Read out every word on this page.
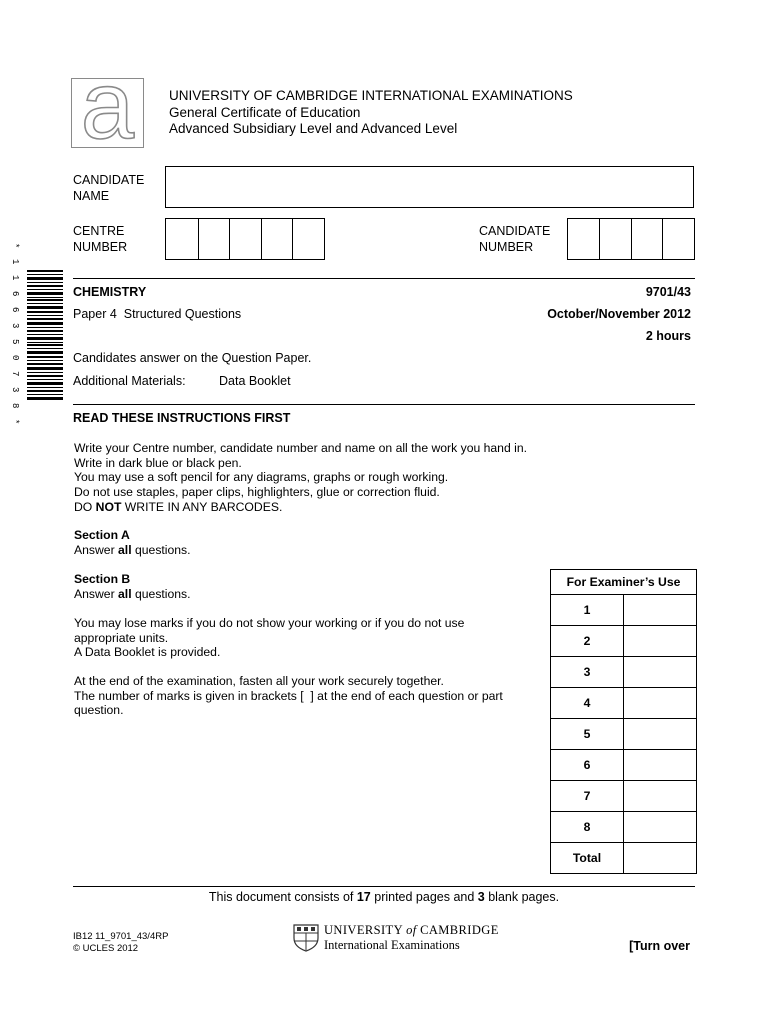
a	UNIVERSITY OF CAMBRIDGE INTERNATIONAL EXAMINATIONS
General Certificate of Education
Advanced Subsidiary Level and Advanced Level
CANDIDATE
NAME
CENTRE
NUMBER
CANDIDATE
NUMBER
* 1 1 6 6 3 5 0 7 3 8 *	CHEMISTRY	9701/43
Paper 4  Structured Questions	October/November 2012
2 hours
Candidates answer on the Question Paper.
Additional Materials:	Data Booklet
READ THESE INSTRUCTIONS FIRST
Write your Centre number, candidate number and name on all the work you hand in.
Write in dark blue or black pen.
You may use a soft pencil for any diagrams, graphs or rough working.
Do not use staples, paper clips, highlighters, glue or correction fluid.
DO NOT WRITE IN ANY BARCODES.
Section A
Answer all questions.
Section B
Answer all questions.
You may lose marks if you do not show your working or if you do not use
appropriate units.
A Data Booklet is provided.
At the end of the examination, fasten all your work securely together.
The number of marks is given in brackets [  ] at the end of each question or part
question.
For Examiner’s Use	
1	
2	
3	
4	
5	
6	
7	
8	
Total	
This document consists of 17 printed pages and 3 blank pages.
IB12 11_9701_43/4RP
© UCLES 2012
UNIVERSITY of CAMBRIDGE
International Examinations	[Turn over
